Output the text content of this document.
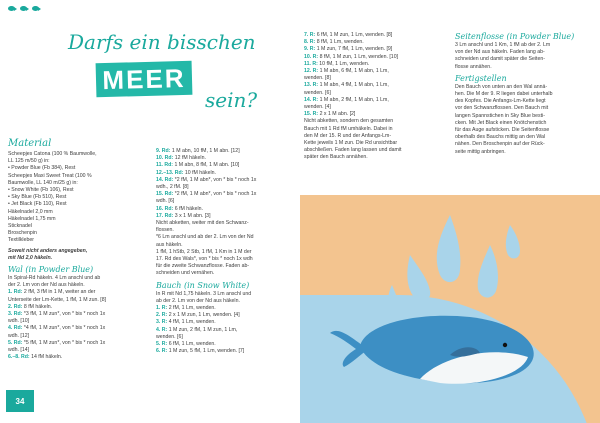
Darfs ein bisschen
MEER
sein?
Material

Scheepjes Catona (100 % Baumwolle,

LL 125 m/50 g) in:

• Powder Blue (Fb 384), Rest

Scheepjes Maxi Sweet Treat (100 %

Baumwolle, LL 140 m/25 g) in:

• Snow White (Fb 106), Rest

• Sky Blue (Fb 510), Rest

• Jet Black (Fb 110), Rest

Häkelnadel 2,0 mm

Häkelnadel 1,75 mm

Sticknadel

Broschenpin

Textilkleber

Soweit nicht anders angegeben,

mit Nd 2,0 häkeln.

Wal (in Powder Blue)

In Spiral-Rd häkeln. 4 Lm anschl und ab

der 2. Lm von der Nd aus häkeln.

1. Rd: 2 fM, 3 fM in 1 M, weiter an der

Unterseite der Lm-Kette, 1 fM, 1 M zun. [8]

2. Rd: 8 fM häkeln.

3. Rd: *3 fM, 1 M zun*, von * bis * noch 1x

wdh. [10]

4. Rd: *4 fM, 1 M zun*, von * bis * noch 1x

wdh. [12]

5. Rd: *5 fM, 1 M zun*, von * bis * noch 1x

wdh. [14]

6.–8. Rd: 14 fM häkeln.

9. Rd: 1 M abn, 10 fM, 1 M abn. [12]

10. Rd: 12 fM häkeln.

11. Rd: 1 M abn, 8 fM, 1 M abn. [10]

12.–13. Rd: 10 fM häkeln.

14. Rd: *2 fM, 1 M abn*, von * bis * noch 1x

wdh., 2 fM. [8]

15. Rd: *2 fM, 1 M abn*, von * bis * noch 1x

wdh. [6]

16. Rd: 6 fM häkeln.

17. Rd: 3 x 1 M abn. [3]

Nicht abketten, weiter mit den Schwanz-

flossen.

*6 Lm anschl und ab der 2. Lm von der Nd

aus häkeln.

1 fM, 1 hStb, 2 Stb, 1 fM, 1 Km in 1 M der

17. Rd des Wals*, von * bis * noch 1x wdh

für die zweite Schwanzflosse. Faden ab-

schneiden und vernähen.

Bauch (in Snow White)

In R mit Nd 1,75 häkeln. 3 Lm anschl und

ab der 2. Lm von der Nd aus häkeln.

1. R: 2 fM, 1 Lm, wenden.

2. R: 2 x 1 M zun, 1 Lm, wenden. [4]

3. R: 4 fM, 1 Lm, wenden.

4. R: 1 M zun, 2 fM, 1 M zun, 1 Lm,

wenden. [6]

5. R: 6 fM, 1 Lm, wenden.

6. R: 1 M zun, 5 fM, 1 Lm, wenden. [7]

7. R: 6 fM, 1 M zun, 1 Lm, wenden. [8]

8. R: 8 fM, 1 Lm, wenden.

9. R: 1 M zun, 7 fM, 1 Lm, wenden. [9]

10. R: 8 fM, 1 M zun, 1 Lm, wenden. [10]

11. R: 10 fM, 1 Lm, wenden.

12. R: 1 M abn, 6 fM, 1 M abn, 1 Lm,

wenden. [8]

13. R: 1 M abn, 4 fM, 1 M abn, 1 Lm,

wenden. [6]

14. R: 1 M abn, 2 fM, 1 M abn, 1 Lm,

wenden. [4]

15. R: 2 x 1 M abn. [2]

Nicht abketten, sondern den gesamten

Bauch mit 1 Rd fM umhäkeln. Dabei in

den M der 15. R und der Anfangs-Lm-

Kette jeweils 1 M zun. Die Rd unsichtbar

abschließen. Faden lang lassen und damit

später den Bauch annähen.

Seitenflosse (in Powder Blue)

3 Lm anschl und 1 Km, 1 fM ab der 2. Lm

von der Nd aus häkeln. Faden lang ab-

schneiden und damit später die Seiten-

flosse annähen.

Fertigstellen

Den Bauch von unten an den Wal annä-

hen. Die M der 9. R liegen dabei unterhalb

des Kopfes. Die Anfangs-Lm-Kette liegt

vor den Schwanzflossen. Den Bauch mit

langen Spannstichen in Sky Blue besti-

cken. Mit Jet Black einen Knötchenstich

für das Auge aufsticken. Die Seitenflosse

oberhalb des Bauchs mittig an den Wal

nähen. Den Broschenpin auf der Rück-

seite mittig anbringen.

34
